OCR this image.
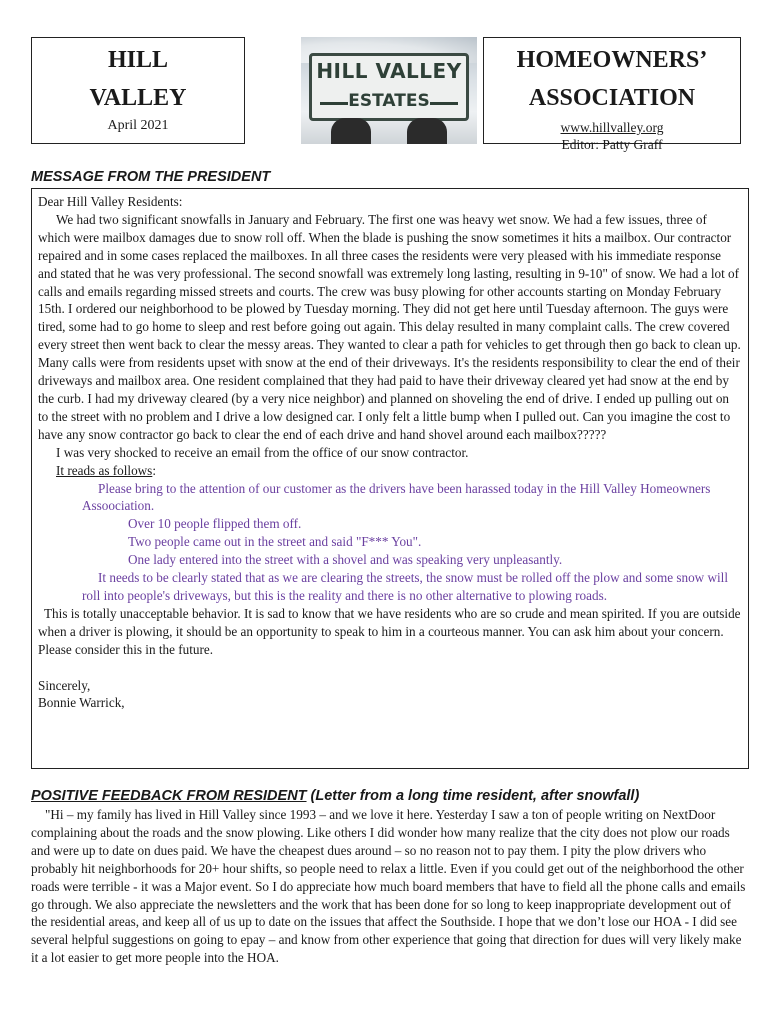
HILL
VALLEY
April 2021
HILL VALLEY
ESTATES
HOMEOWNERS’
ASSOCIATION
www.hillvalley.org
Editor: Patty Graff
MESSAGE FROM THE PRESIDENT

Dear Hill Valley Residents:

We had two significant snowfalls in January and February. The first one was heavy wet snow. We had a few issues, three of which were mailbox damages due to snow roll off. When the blade is pushing the snow sometimes it hits a mailbox. Our contractor repaired and in some cases replaced the mailboxes. In all three cases the residents were very pleased with his immediate response and stated that he was very professional. The second snowfall was extremely long lasting, resulting in 9-10" of snow. We had a lot of calls and emails regarding missed streets and courts. The crew was busy plowing for other accounts starting on Monday February 15th. I ordered our neighborhood to be plowed by Tuesday morning. They did not get here until Tuesday afternoon. The guys were tired, some had to go home to sleep and rest before going out again. This delay resulted in many complaint calls. The crew covered every street then went back to clear the messy areas. They wanted to clear a path for vehicles to get through then go back to clean up. Many calls were from residents upset with snow at the end of their driveways. It's the residents responsibility to clear the end of their driveways and mailbox area. One resident complained that they had paid to have their driveway cleared yet had snow at the end by the curb. I had my driveway cleared (by a very nice neighbor) and planned on shoveling the end of drive. I ended up pulling out on to the street with no problem and I drive a low designed car. I only felt a little bump when I pulled out. Can you imagine the cost to have any snow contractor go back to clear the end of each drive and hand shovel around each mailbox?????

I was very shocked to receive an email from the office of our snow contractor.

It reads as follows:

Please bring to the attention of our customer as the drivers have been harassed today in the Hill Valley Homeowners Assoociation.

Over 10 people flipped them off.

Two people came out in the street and said "F*** You".

One lady entered into the street with a shovel and was speaking very unpleasantly.

It needs to be clearly stated that as we are clearing the streets, the snow must be rolled off the plow and some snow will roll into people's driveways, but this is the reality and there is no other alternative to plowing roads.

This is totally unacceptable behavior. It is sad to know that we have residents who are so crude and mean spirited. If you are outside when a driver is plowing, it should be an opportunity to speak to him in a courteous manner. You can ask him about your concern. Please consider this in the future.

Sincerely,

Bonnie Warrick,

POSITIVE FEEDBACK FROM RESIDENT (Letter from a long time resident, after snowfall)

"Hi – my family has lived in Hill Valley since 1993 – and we love it here. Yesterday I saw a ton of people writing on NextDoor complaining about the roads and the snow plowing. Like others I did wonder how many realize that the city does not plow our roads and were up to date on dues paid. We have the cheapest dues around – so no reason not to pay them. I pity the plow drivers who probably hit neighborhoods for 20+ hour shifts, so people need to relax a little. Even if you could get out of the neighborhood the other roads were terrible - it was a Major event. So I do appreciate how much board members that have to field all the phone calls and emails go through. We also appreciate the newsletters and the work that has been done for so long to keep inappropriate development out of the residential areas, and keep all of us up to date on the issues that affect the Southside. I hope that we don’t lose our HOA - I did see several helpful suggestions on going to epay – and know from other experience that going that direction for dues will very likely make it a lot easier to get more people into the HOA.
